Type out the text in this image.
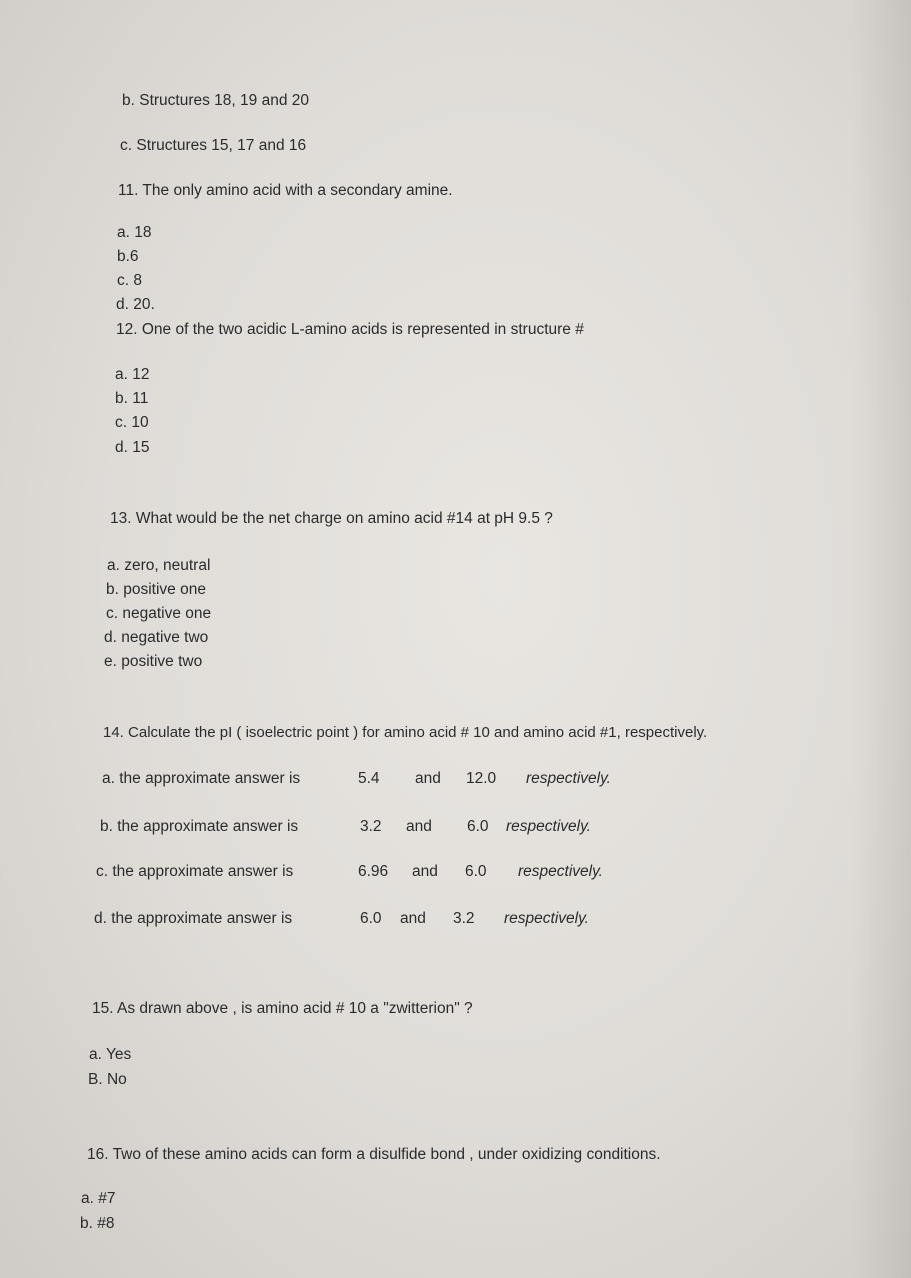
b. Structures 18, 19 and 20
c. Structures 15, 17 and 16
11. The only amino acid with a secondary amine.
a. 18
b.6
c. 8
d. 20.
12. One of the two acidic L-amino acids is represented in structure #
a. 12
b. 11
c. 10
d. 15
13. What would be the net charge on amino acid #14 at pH 9.5 ?
a. zero, neutral
b. positive one
c. negative one
d. negative two
e. positive two
14. Calculate the pI ( isoelectric point ) for amino acid # 10 and amino acid #1, respectively.
a. the approximate answer is	5.4 and 12.0 respectively.
b. the approximate answer is	3.2 and 6.0 respectively.
c. the approximate answer is	6.96 and 6.0 respectively.
d. the approximate answer is	6.0 and 3.2 respectively.
15. As drawn above , is amino acid # 10 a "zwitterion" ?
a. Yes
B. No
16. Two of these amino acids can form a disulfide bond , under oxidizing conditions.
a. #7
b. #8
